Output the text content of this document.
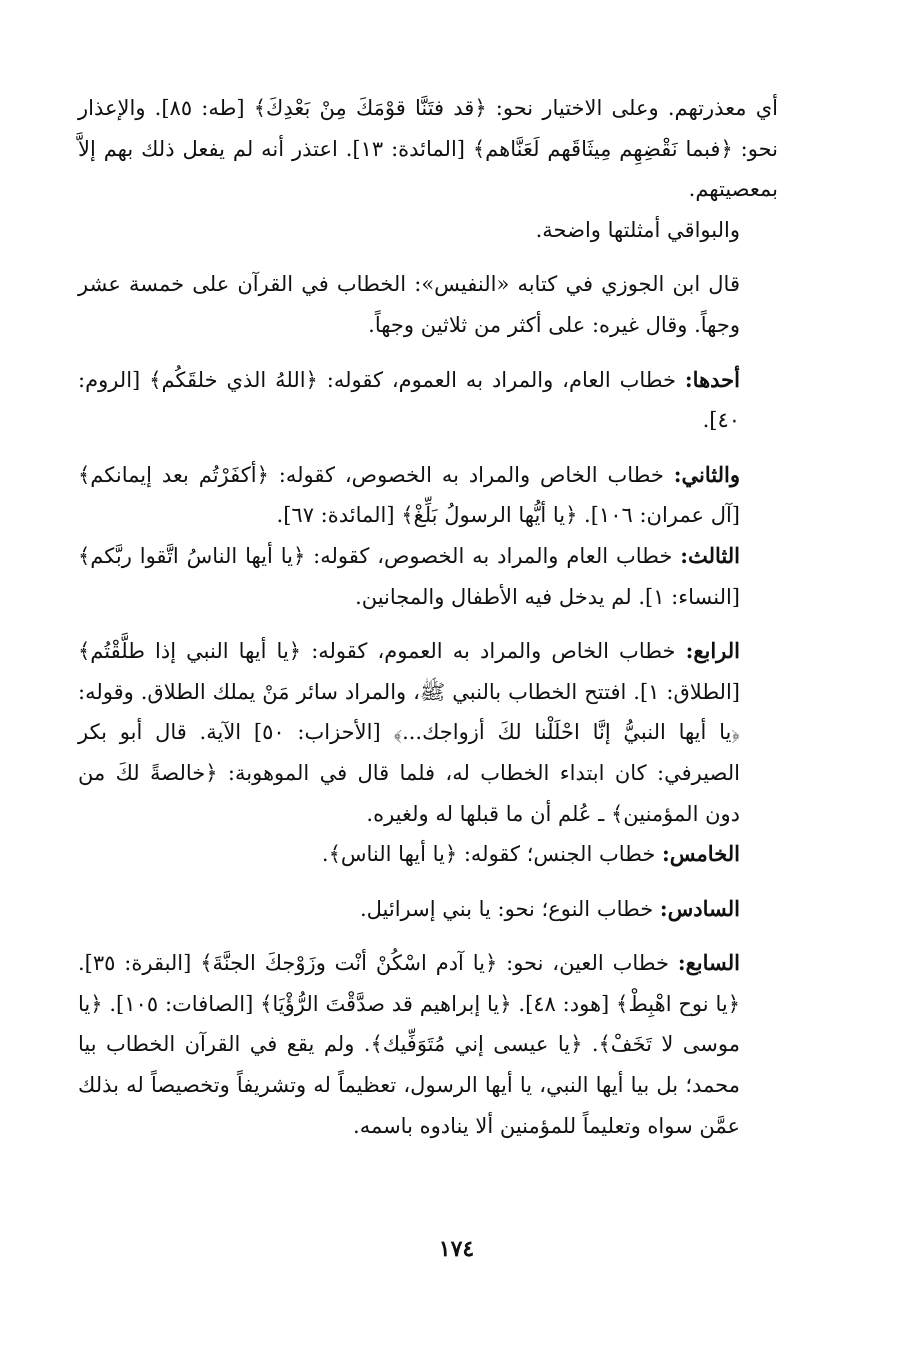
أي معذرتهم. وعلى الاختيار نحو: ﴿قد فتَنَّا قوْمَكَ مِنْ بَعْدِكَ﴾ [طه: ٨٥]. والإعذار نحو: ﴿فبما نَقْضِهِم مِيثَاقَهم لَعَنَّاهم﴾ [المائدة: ١٣]. اعتذر أنه لم يفعل ذلك بهم إلاَّ بمعصيتهم.

والبواقي أمثلتها واضحة.

قال ابن الجوزي في كتابه «النفيس»: الخطاب في القرآن على خمسة عشر وجهاً. وقال غيره: على أكثر من ثلاثين وجهاً.

أحدها: خطاب العام، والمراد به العموم، كقوله: ﴿اللهُ الذي خلقَكُم﴾ [الروم: ٤٠].

والثاني: خطاب الخاص والمراد به الخصوص، كقوله: ﴿أكفَرْتُم بعد إيمانكم﴾ [آل عمران: ١٠٦]. ﴿يا أيُّها الرسولُ بَلِّغْ﴾ [المائدة: ٦٧].

الثالث: خطاب العام والمراد به الخصوص، كقوله: ﴿يا أيها الناسُ اتَّقوا ربَّكم﴾ [النساء: ١]. لم يدخل فيه الأطفال والمجانين.

الرابع: خطاب الخاص والمراد به العموم، كقوله: ﴿يا أيها النبي إذا طلَّقْتُم﴾ [الطلاق: ١]. افتتح الخطاب بالنبي ﷺ، والمراد سائر مَنْ يملك الطلاق. وقوله: ﴿يا أيها النبيُّ إنَّا احْلَلْنا لكَ أزواجك...﴾ [الأحزاب: ٥٠] الآية. قال أبو بكر الصيرفي: كان ابتداء الخطاب له، فلما قال في الموهوبة: ﴿خالصةً لكَ من دون المؤمنين﴾ ـ عُلم أن ما قبلها له ولغيره.

الخامس: خطاب الجنس؛ كقوله: ﴿يا أيها الناس﴾.

السادس: خطاب النوع؛ نحو: يا بني إسرائيل.

السابع: خطاب العين، نحو: ﴿يا آدم اسْكُنْ أنْت وزَوْجكَ الجنَّةَ﴾ [البقرة: ٣٥]. ﴿يا نوح اهْبِطْ﴾ [هود: ٤٨]. ﴿يا إبراهيم قد صدَّقْتَ الرُّؤْيَا﴾ [الصافات: ١٠٥]. ﴿يا موسى لا تَخَفْ﴾. ﴿يا عيسى إني مُتَوَفِّيك﴾. ولم يقع في القرآن الخطاب بيا محمد؛ بل بيا أيها النبي، يا أيها الرسول، تعظيماً له وتشريفاً وتخصيصاً له بذلك عمَّن سواه وتعليماً للمؤمنين ألا ينادوه باسمه.

١٧٤
